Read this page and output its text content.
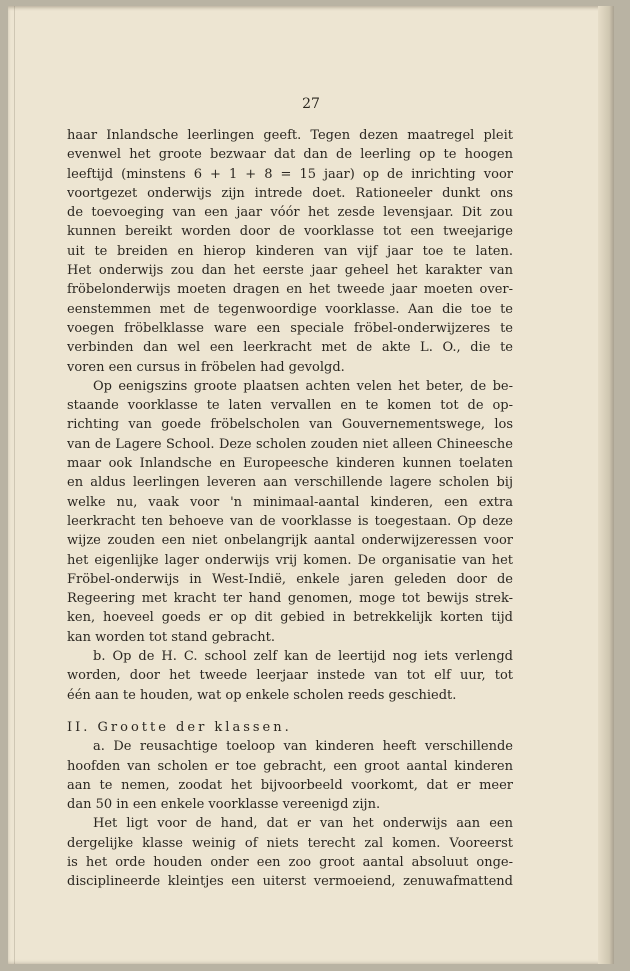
27
haar Inlandsche leerlingen geeft. Tegen dezen maatregel pleit
evenwel het groote bezwaar dat dan de leerling op te hoogen
leeftijd (minstens 6 + 1 + 8 = 15 jaar) op de inrichting voor
voortgezet onderwijs zijn intrede doet. Rationeeler dunkt ons
de toevoeging van een jaar vóór het zesde levensjaar. Dit zou
kunnen bereikt worden door de voorklasse tot een tweejarige
uit te breiden en hierop kinderen van vijf jaar toe te laten.
Het onderwijs zou dan het eerste jaar geheel het karakter van
fröbelonderwijs moeten dragen en het tweede jaar moeten over-
eenstemmen met de tegenwoordige voorklasse. Aan die toe te
voegen fröbelklasse ware een speciale fröbel-onderwijzeres te
verbinden dan wel een leerkracht met de akte L. O., die te
voren een cursus in fröbelen had gevolgd.
Op eenigszins groote plaatsen achten velen het beter, de be-
staande voorklasse te laten vervallen en te komen tot de op-
richting van goede fröbelscholen van Gouvernementswege, los
van de Lagere School. Deze scholen zouden niet alleen Chineesche
maar ook Inlandsche en Europeesche kinderen kunnen toelaten
en aldus leerlingen leveren aan verschillende lagere scholen bij
welke nu, vaak voor 'n minimaal-aantal kinderen, een extra
leerkracht ten behoeve van de voorklasse is toegestaan. Op deze
wijze zouden een niet onbelangrijk aantal onderwijzeressen voor
het eigenlijke lager onderwijs vrij komen. De organisatie van het
Fröbel-onderwijs in West-Indië, enkele jaren geleden door de
Regeering met kracht ter hand genomen, moge tot bewijs strek-
ken, hoeveel goeds er op dit gebied in betrekkelijk korten tijd
kan worden tot stand gebracht.
b. Op de H. C. school zelf kan de leertijd nog iets verlengd
worden, door het tweede leerjaar instede van tot elf uur, tot
één aan te houden, wat op enkele scholen reeds geschiedt.
II. Grootte der klassen.
a. De reusachtige toeloop van kinderen heeft verschillende
hoofden van scholen er toe gebracht, een groot aantal kinderen
aan te nemen, zoodat het bijvoorbeeld voorkomt, dat er meer
dan 50 in een enkele voorklasse vereenigd zijn.
Het ligt voor de hand, dat er van het onderwijs aan een
dergelijke klasse weinig of niets terecht zal komen. Vooreerst
is het orde houden onder een zoo groot aantal absoluut onge-
disciplineerde kleintjes een uiterst vermoeiend, zenuwafmattend
